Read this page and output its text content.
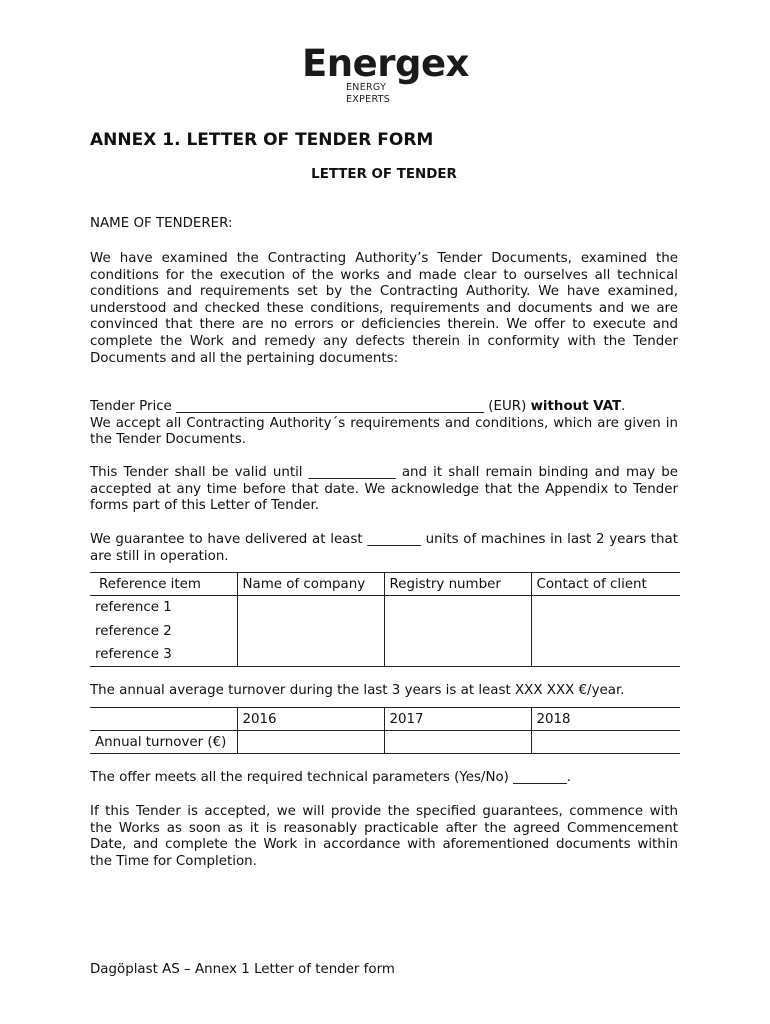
Energex
ENERGY
EXPERTS
ANNEX 1. LETTER OF TENDER FORM
LETTER OF TENDER
NAME OF TENDERER:

We have examined the Contracting Authority’s Tender Documents, examined the conditions for the execution of the works and made clear to ourselves all technical conditions and requirements set by the Contracting Authority. We have examined, understood and checked these conditions, requirements and documents and we are convinced that there are no errors or deficiencies therein. We offer to execute and complete the Work and remedy any defects therein in conformity with the Tender Documents and all the pertaining documents:

Tender Price ______________________________________________ (EUR) without VAT.

We accept all Contracting Authority´s requirements and conditions, which are given in the Tender Documents.

This Tender shall be valid until _____________ and it shall remain binding and may be accepted at any time before that date. We acknowledge that the Appendix to Tender forms part of this Letter of Tender.

We guarantee to have delivered at least ________ units of machines in last 2 years that are still in operation.

Reference item	Name of company	Registry number	Contact of client
reference 1			
reference 2			
reference 3			
The annual average turnover during the last 3 years is at least XXX XXX €/year.
	2016	2017	2018
Annual turnover (€)			
The offer meets all the required technical parameters (Yes/No) ________.

If this Tender is accepted, we will provide the specified guarantees, commence with the Works as soon as it is reasonably practicable after the agreed Commencement Date, and complete the Work in accordance with aforementioned documents within the Time for Completion.

Dagöplast AS – Annex 1 Letter of tender form
